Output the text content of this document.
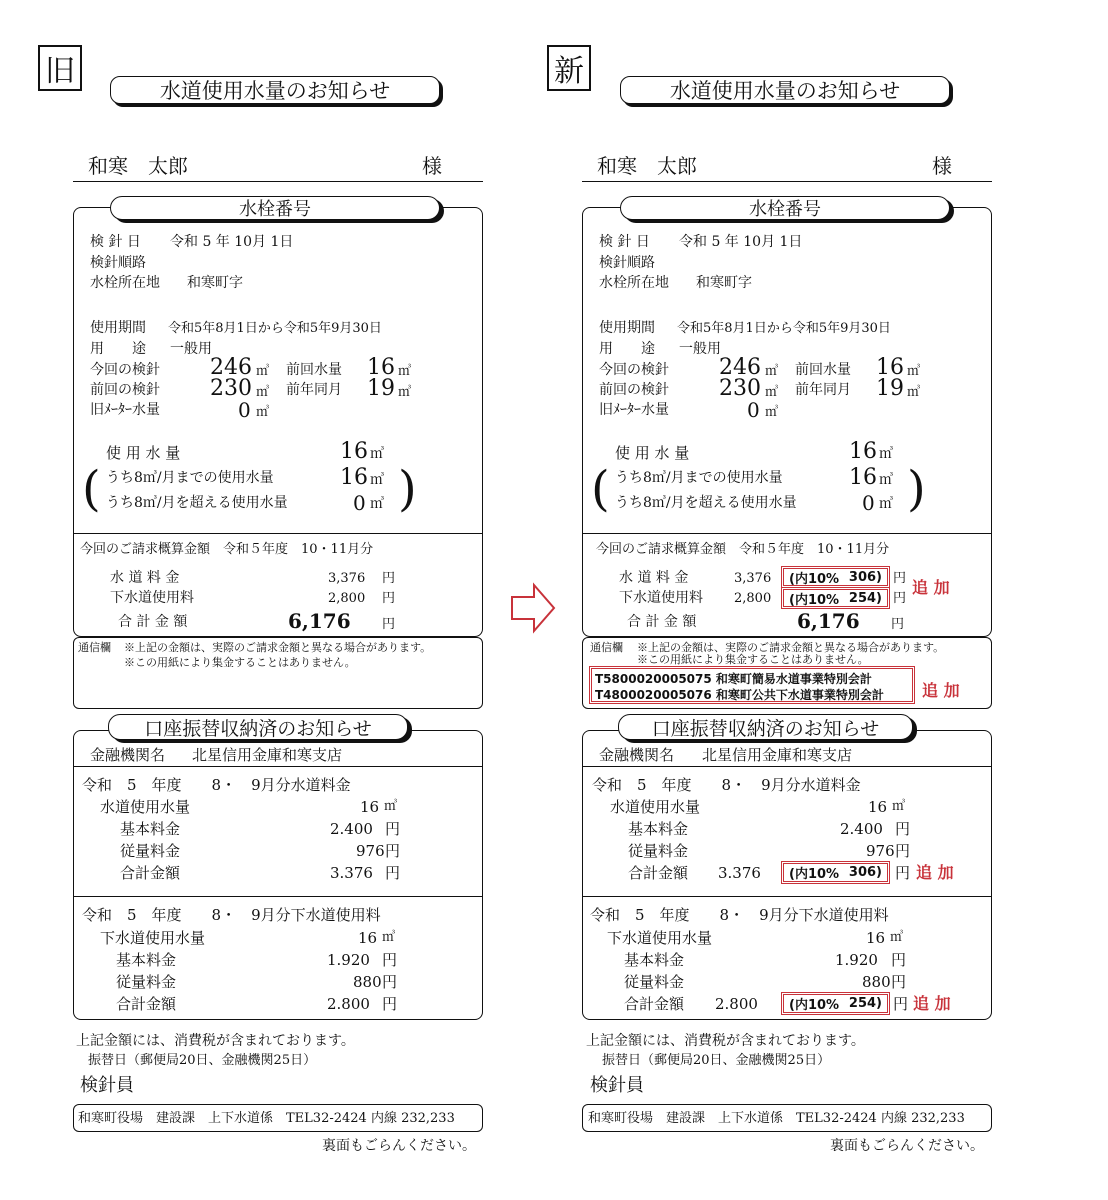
旧
水道使用水量のお知らせ
和寒　太郎	様
水栓番号
検 針 日 令和 5 年 10月 1日
検針順路
水栓所在地 和寒町字
使用期間 令和5年8月1日から令和5年9月30日
用　　途 一般用
今回の検針 246 ㎥ 前回水量 16 ㎥
前回の検針 230 ㎥ 前年同月 19 ㎥
旧ﾒｰﾀｰ水量	0 ㎥
使 用 水 量	16 ㎥
(	)
うち8㎥/月までの使用水量	16 ㎥
うち8㎥/月を超える使用水量	0 ㎥
今回のご請求概算金額　令和５年度　10・11月分
水 道 料 金	3,376 円
下水道使用料	2,800 円
合 計 金 額	6,176 円
通信欄 ※上記の金額は、実際のご請求金額と異なる場合があります。
※この用紙により集金することはありません。
口座振替収納済のお知らせ
金融機関名 北星信用金庫和寒支店
令和　5　年度　　8・　9月分水道料金
水道使用水量	16 ㎥
基本料金	2.400 円
従量料金	976 円
合計金額	3.376 円
令和　5　年度　　8・　9月分下水道使用料
下水道使用水量	16 ㎥
基本料金	1.920 円
従量料金	880 円
合計金額	2.800 円
上記金額には、消費税が含まれております。
振替日（郵便局20日、金融機関25日）
検針員
和寒町役場　建設課　上下水道係　TEL32-2424 内線 232,233
裏面もごらんください。
新
水道使用水量のお知らせ
和寒　太郎	様
水栓番号
検 針 日 令和 5 年 10月 1日
検針順路
水栓所在地 和寒町字
使用期間 令和5年8月1日から令和5年9月30日
用　　途 一般用
今回の検針 246 ㎥ 前回水量 16 ㎥
前回の検針 230 ㎥ 前年同月 19 ㎥
旧ﾒｰﾀｰ水量	0 ㎥
使 用 水 量	16 ㎥
(	)
うち8㎥/月までの使用水量	16 ㎥
うち8㎥/月を超える使用水量	0 ㎥
今回のご請求概算金額　令和５年度　10・11月分
水 道 料 金	3,376 (内10% 306) 円
下水道使用料 2,800 (内10% 254) 円
追 加
合 計 金 額	6,176 円
通信欄 ※上記の金額は、実際のご請求金額と異なる場合があります。
※この用紙により集金することはありません。
T5800020005075 和寒町簡易水道事業特別会計
T4800020005076 和寒町公共下水道事業特別会計 追 加
口座振替収納済のお知らせ
金融機関名 北星信用金庫和寒支店
令和　5　年度　　8・　9月分水道料金
水道使用水量	16 ㎥
基本料金	2.400 円
従量料金	976 円
合計金額 3.376 (内10% 306) 円 追 加
令和　5　年度　　8・　9月分下水道使用料
下水道使用水量	16 ㎥
基本料金	1.920 円
従量料金	880 円
合計金額 2.800 (内10% 254) 円 追 加
上記金額には、消費税が含まれております。
振替日（郵便局20日、金融機関25日）
検針員
和寒町役場　建設課　上下水道係　TEL32-2424 内線 232,233
裏面もごらんください。
